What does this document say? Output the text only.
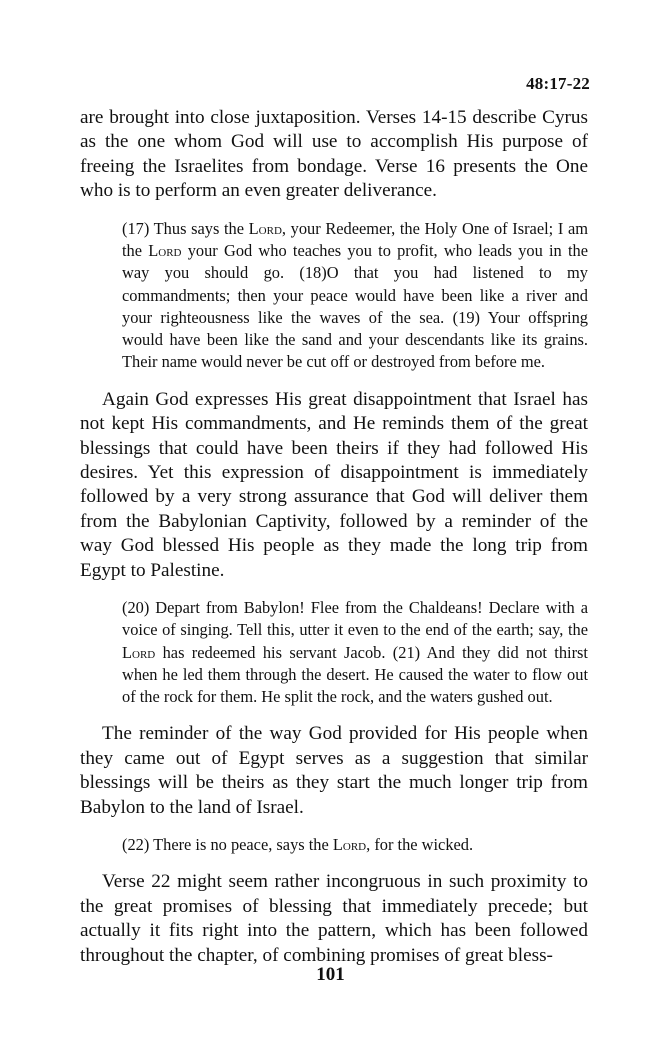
48:17-22

are brought into close juxtaposition. Verses 14-15 describe Cyrus as the one whom God will use to accomplish His purpose of freeing the Israelites from bondage. Verse 16 presents the One who is to perform an even greater deliverance.

(17) Thus says the Lord, your Redeemer, the Holy One of Israel; I am the Lord your God who teaches you to profit, who leads you in the way you should go. (18)O that you had listened to my commandments; then your peace would have been like a river and your righteousness like the waves of the sea. (19) Your offspring would have been like the sand and your descendants like its grains. Their name would never be cut off or destroyed from before me.

Again God expresses His great disappointment that Israel has not kept His commandments, and He reminds them of the great blessings that could have been theirs if they had followed His desires. Yet this expression of disappointment is immediately followed by a very strong assurance that God will deliver them from the Babylonian Captivity, followed by a reminder of the way God blessed His people as they made the long trip from Egypt to Palestine.

(20) Depart from Babylon! Flee from the Chaldeans! Declare with a voice of singing. Tell this, utter it even to the end of the earth; say, the Lord has redeemed his servant Jacob. (21) And they did not thirst when he led them through the desert. He caused the water to flow out of the rock for them. He split the rock, and the waters gushed out.

The reminder of the way God provided for His people when they came out of Egypt serves as a suggestion that similar blessings will be theirs as they start the much longer trip from Babylon to the land of Israel.

(22) There is no peace, says the Lord, for the wicked.

Verse 22 might seem rather incongruous in such proximity to the great promises of blessing that immediately precede; but actually it fits right into the pattern, which has been followed throughout the chapter, of combining promises of great bless-

101
